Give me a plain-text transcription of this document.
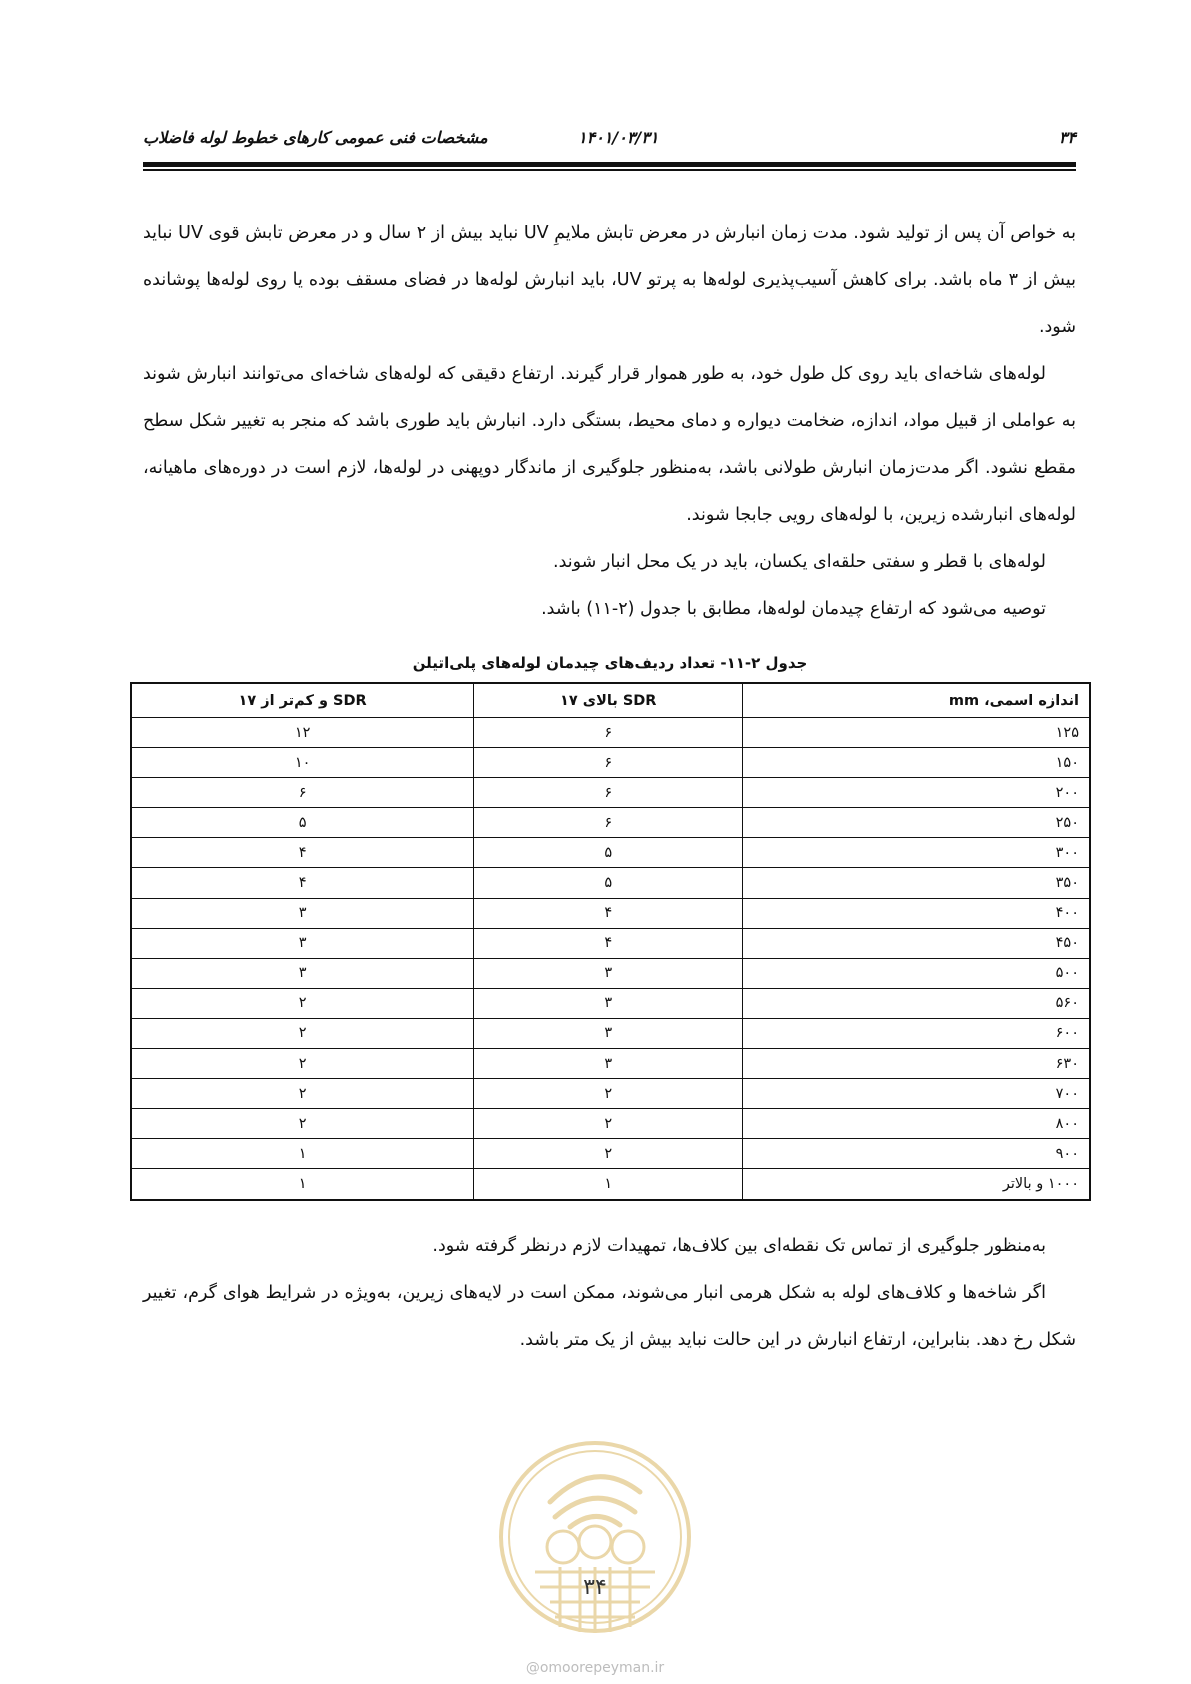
۳۴
۱۴۰۱/۰۳/۳۱
مشخصات فنی عمومی کارهای خطوط لوله فاضلاب

به خواص آن پس از تولید شود. مدت زمان انبارش در معرض تابش ملایمِ UV نباید بیش از ۲ سال و در معرض تابش قوی UV نباید بیش از ۳ ماه باشد. برای کاهش آسیب‌پذیری لوله‌ها به پرتو UV، باید انبارش لوله‌ها در فضای مسقف بوده یا روی لوله‌ها پوشانده شود.

لوله‌های شاخه‌ای باید روی کل طول خود، به طور هموار قرار گیرند. ارتفاع دقیقی که لوله‌های شاخه‌ای می‌توانند انبارش شوند به عواملی از قبیل مواد، اندازه، ضخامت دیواره و دمای محیط، بستگی دارد. انبارش باید طوری باشد که منجر به تغییر شکل سطح مقطع نشود. اگر مدت‌زمان انبارش طولانی باشد، به‌منظور جلوگیری از ماندگار دوپهنی در لوله‌ها، لازم است در دوره‌های ماهیانه، لوله‌های انبارشده زیرین، با لوله‌های رویی جابجا شوند.

لوله‌های با قطر و سفتی حلقه‌ای یکسان، باید در یک محل انبار شوند.

توصیه می‌شود که ارتفاع چیدمان لوله‌ها، مطابق با جدول (۲-۱۱) باشد.

جدول ۲-۱۱- تعداد ردیف‌های چیدمان لوله‌های پلی‌اتیلن
اندازه اسمی، mm	SDR بالای ۱۷	SDR و کم‌تر از ۱۷
۱۲۵	۶	۱۲
۱۵۰	۶	۱۰
۲۰۰	۶	۶
۲۵۰	۶	۵
۳۰۰	۵	۴
۳۵۰	۵	۴
۴۰۰	۴	۳
۴۵۰	۴	۳
۵۰۰	۳	۳
۵۶۰	۳	۲
۶۰۰	۳	۲
۶۳۰	۳	۲
۷۰۰	۲	۲
۸۰۰	۲	۲
۹۰۰	۲	۱
۱۰۰۰ و بالاتر	۱	۱

به‌منظور جلوگیری از تماس تک نقطه‌ای بین کلاف‌ها، تمهیدات لازم درنظر گرفته شود.

اگر شاخه‌ها و کلاف‌های لوله به شکل هرمی انبار می‌شوند، ممکن است در لایه‌های زیرین، به‌ویژه در شرایط هوای گرم، تغییر شکل رخ دهد. بنابراین، ارتفاع انبارش در این حالت نباید بیش از یک متر باشد.

۳۴
@omoorepeyman.ir
